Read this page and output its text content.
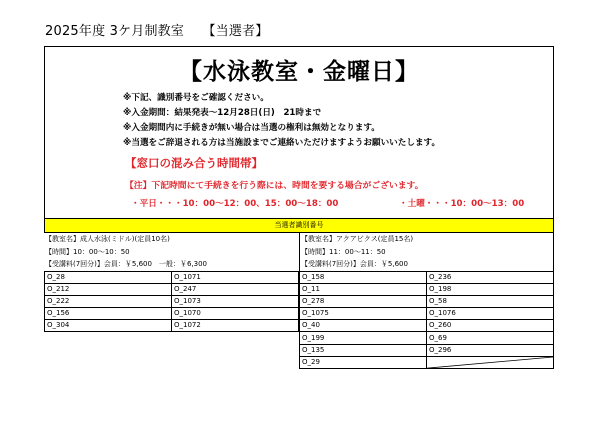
2025年度 3ケ月制教室 【当選者】
【水泳教室・金曜日】
※下記、識別番号をご確認ください。
※入金期間：結果発表～12月28日(日)　21時まで
※入金期間内に手続きが無い場合は当選の権利は無効となります。
※当選をご辞退される方は当施設までご連絡いただけますようお願いいたします。
【窓口の混み合う時間帯】
【注】下記時間にて手続きを行う際には、時間を要する場合がございます。
・平日・・・10：00～12：00、15：00～18：00	・土曜・・・10：00～13：00
当選者識別番号
【教室名】成人水泳(ミドル)(定員10名)
【時間】10：00～10：50
【受講料(7回分)】会員：￥5,600　一般：￥6,300
O_28	O_1071
O_212	O_247
O_222	O_1073
O_156	O_1070
O_304	O_1072
【教室名】アクアビクス(定員15名)
【時間】11：00～11：50
【受講料(7回分)】会員：￥5,600
O_158	O_236
O_11	O_198
O_278	O_58
O_1075	O_1076
O_40	O_260
O_199	O_69
O_135	O_296
O_29	
